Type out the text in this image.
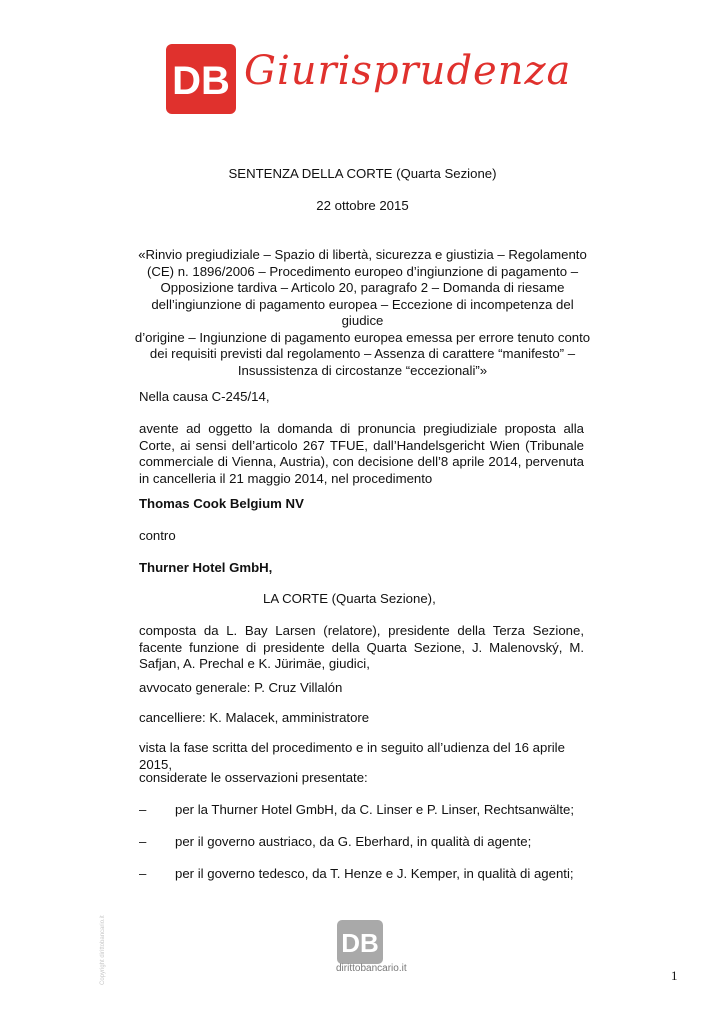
DB Giurisprudenza
SENTENZA DELLA CORTE (Quarta Sezione)
22 ottobre 2015
«Rinvio pregiudiziale – Spazio di libertà, sicurezza e giustizia – Regolamento
(CE) n. 1896/2006 – Procedimento europeo d’ingiunzione di pagamento –
Opposizione tardiva – Articolo 20, paragrafo 2 – Domanda di riesame
dell’ingiunzione di pagamento europea – Eccezione di incompetenza del giudice
d’origine – Ingiunzione di pagamento europea emessa per errore tenuto conto
dei requisiti previsti dal regolamento – Assenza di carattere “manifesto” –
Insussistenza di circostanze “eccezionali”»
Nella causa C-245/14,
avente ad oggetto la domanda di pronuncia pregiudiziale proposta alla Corte, ai sensi dell’articolo 267 TFUE, dall’Handelsgericht Wien (Tribunale commerciale di Vienna, Austria), con decisione dell’8 aprile 2014, pervenuta in cancelleria il 21 maggio 2014, nel procedimento
Thomas Cook Belgium NV
contro
Thurner Hotel GmbH,
LA CORTE (Quarta Sezione),
composta da L. Bay Larsen (relatore), presidente della Terza Sezione, facente funzione di presidente della Quarta Sezione, J. Malenovský, M. Safjan, A. Prechal e K. Jürimäe, giudici,
avvocato generale: P. Cruz Villalón
cancelliere: K. Malacek, amministratore
vista la fase scritta del procedimento e in seguito all’udienza del 16 aprile 2015,
considerate le osservazioni presentate:
– per la Thurner Hotel GmbH, da C. Linser e P. Linser, Rechtsanwälte;
– per il governo austriaco, da G. Eberhard, in qualità di agente;
– per il governo tedesco, da T. Henze e J. Kemper, in qualità di agenti;
Copyright dirittobancario.it	DB
dirittobancario.it	1
